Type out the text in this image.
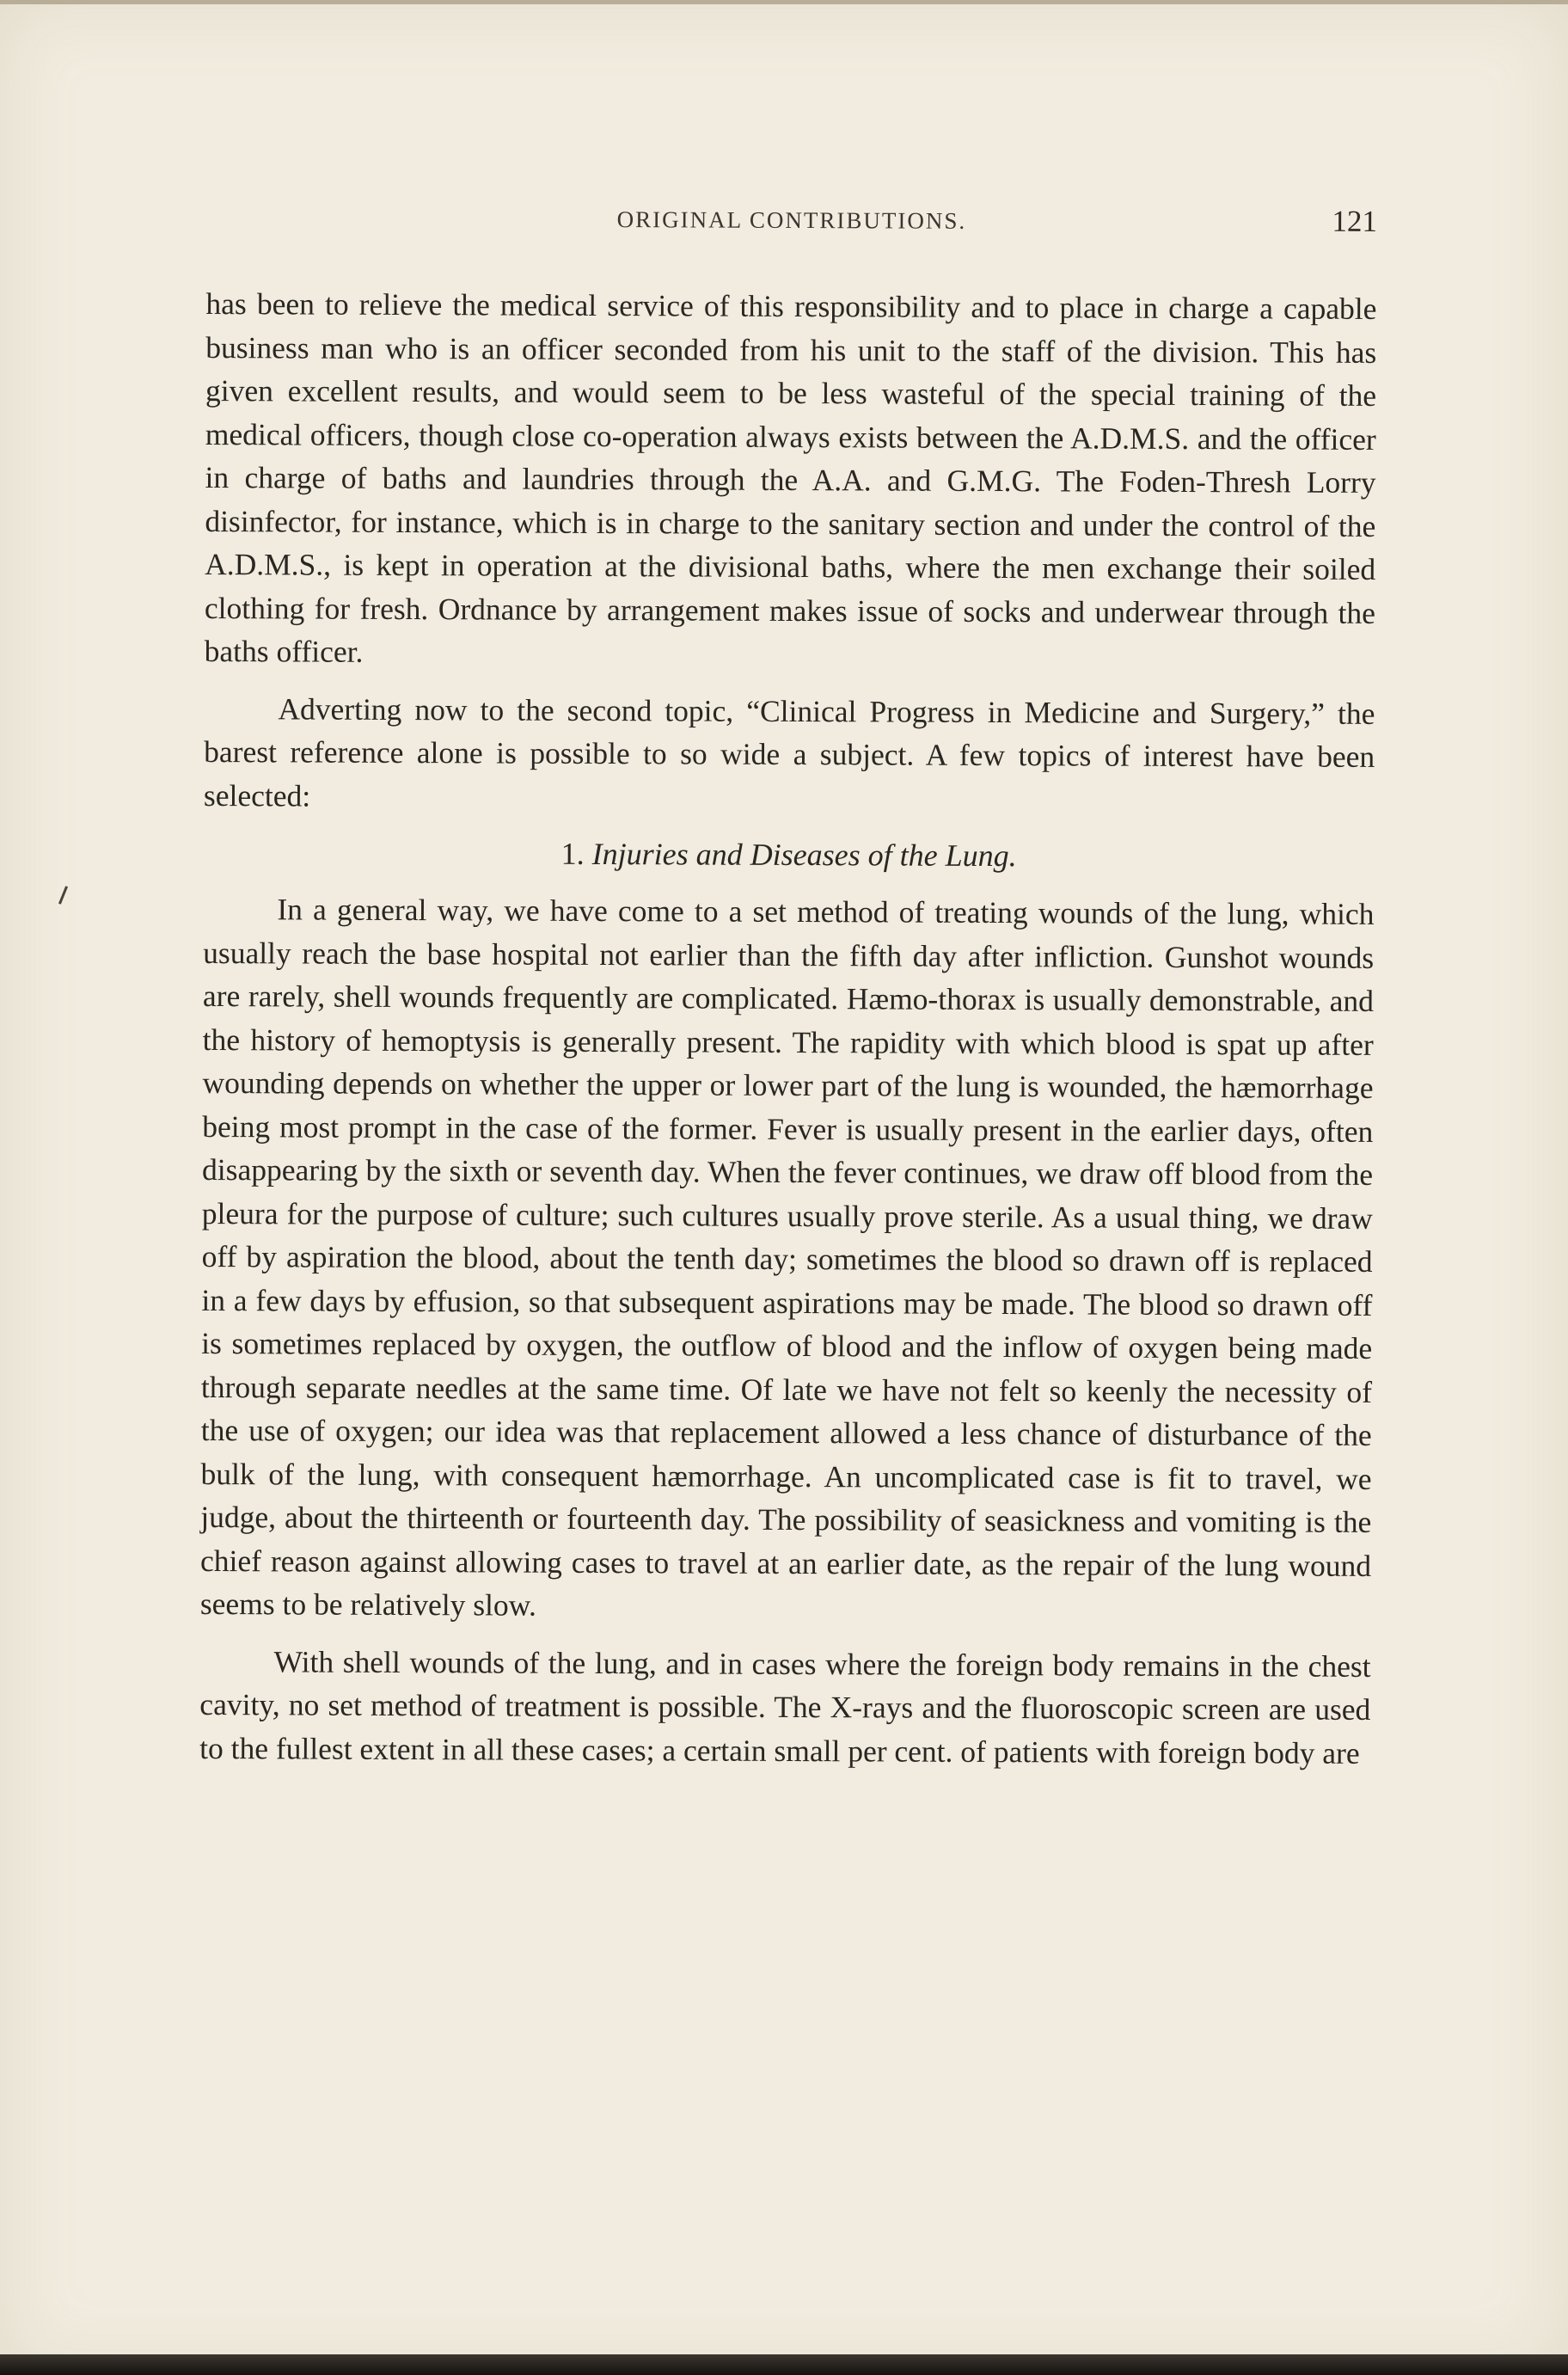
ORIGINAL CONTRIBUTIONS.	121

has been to relieve the medical service of this responsibility and to place in charge a capable business man who is an officer seconded from his unit to the staff of the division. This has given excellent results, and would seem to be less wasteful of the special training of the medical officers, though close co-operation always exists between the A.D.M.S. and the officer in charge of baths and laundries through the A.A. and G.M.G. The Foden-Thresh Lorry disinfector, for instance, which is in charge to the sanitary section and under the control of the A.D.M.S., is kept in operation at the divisional baths, where the men exchange their soiled clothing for fresh. Ordnance by arrangement makes issue of socks and underwear through the baths officer.

Adverting now to the second topic, “Clinical Progress in Medicine and Surgery,” the barest reference alone is possible to so wide a subject. A few topics of interest have been selected:

1. Injuries and Diseases of the Lung.

In a general way, we have come to a set method of treating wounds of the lung, which usually reach the base hospital not earlier than the fifth day after infliction. Gunshot wounds are rarely, shell wounds frequently are complicated. Hæmo-thorax is usually demonstrable, and the history of hemoptysis is generally present. The rapidity with which blood is spat up after wounding depends on whether the upper or lower part of the lung is wounded, the hæmorrhage being most prompt in the case of the former. Fever is usually present in the earlier days, often disappearing by the sixth or seventh day. When the fever continues, we draw off blood from the pleura for the purpose of culture; such cultures usually prove sterile. As a usual thing, we draw off by aspiration the blood, about the tenth day; sometimes the blood so drawn off is replaced in a few days by effusion, so that subsequent aspirations may be made. The blood so drawn off is sometimes replaced by oxygen, the outflow of blood and the inflow of oxygen being made through separate needles at the same time. Of late we have not felt so keenly the necessity of the use of oxygen; our idea was that replacement allowed a less chance of disturbance of the bulk of the lung, with consequent hæmorrhage. An uncomplicated case is fit to travel, we judge, about the thirteenth or fourteenth day. The possibility of seasickness and vomiting is the chief reason against allowing cases to travel at an earlier date, as the repair of the lung wound seems to be relatively slow.

With shell wounds of the lung, and in cases where the foreign body remains in the chest cavity, no set method of treatment is possible. The X-rays and the fluoroscopic screen are used to the fullest extent in all these cases; a certain small per cent. of patients with foreign body are
